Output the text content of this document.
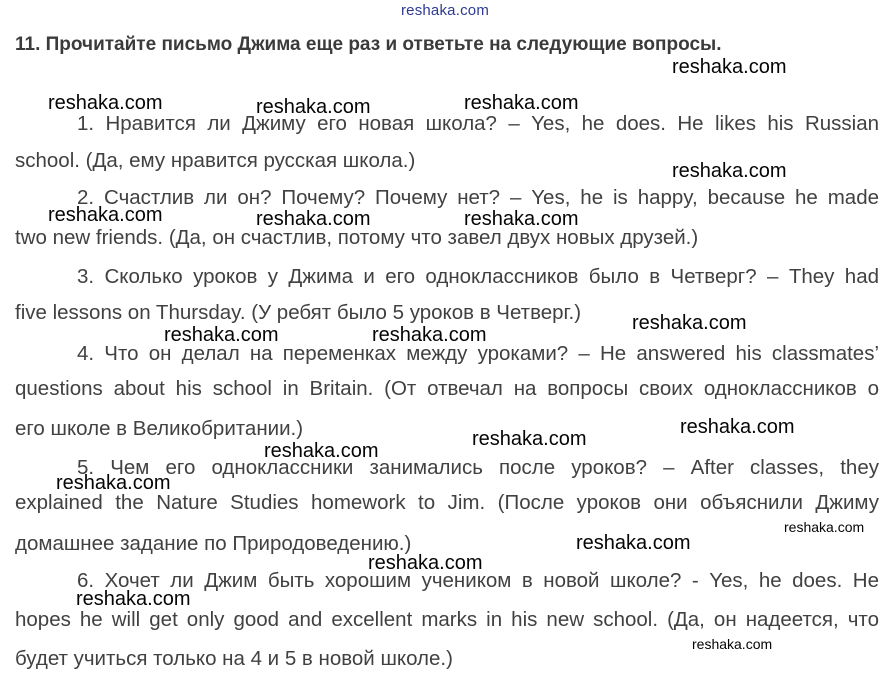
reshaka.com
11. Прочитайте письмо Джима еще раз и ответьте на следующие вопросы.
1. Нравится ли Джиму его новая школа? – Yes, he does. He likes his Russian
school. (Да, ему нравится русская школа.)
2. Счастлив ли он? Почему? Почему нет? – Yes, he is happy, because he made
two new friends. (Да, он счастлив, потому что завел двух новых друзей.)
3. Сколько уроков у Джима и его одноклассников было в Четверг? – They had
five lessons on Thursday. (У ребят было 5 уроков в Четверг.)
4. Что он делал на переменках между уроками? – He answered his classmates’
questions about his school in Britain. (От отвечал на вопросы своих одноклассников о
его школе в Великобритании.)
5. Чем его одноклассники занимались после уроков? – After classes, they
explained the Nature Studies homework to Jim. (После уроков они объяснили Джиму
домашнее задание по Природоведению.)
6. Хочет ли Джим быть хорошим учеником в новой школе? - Yes, he does. He
hopes he will get only good and excellent marks in his new school. (Да, он надеется, что
будет учиться только на 4 и 5 в новой школе.)
reshaka.com
reshaka.com	reshaka.com	reshaka.com
reshaka.com
reshaka.com	reshaka.com	reshaka.com
reshaka.com
reshaka.com	reshaka.com
reshaka.com
reshaka.com
reshaka.com
reshaka.com
reshaka.com
reshaka.com
reshaka.com
reshaka.com
reshaka.com
